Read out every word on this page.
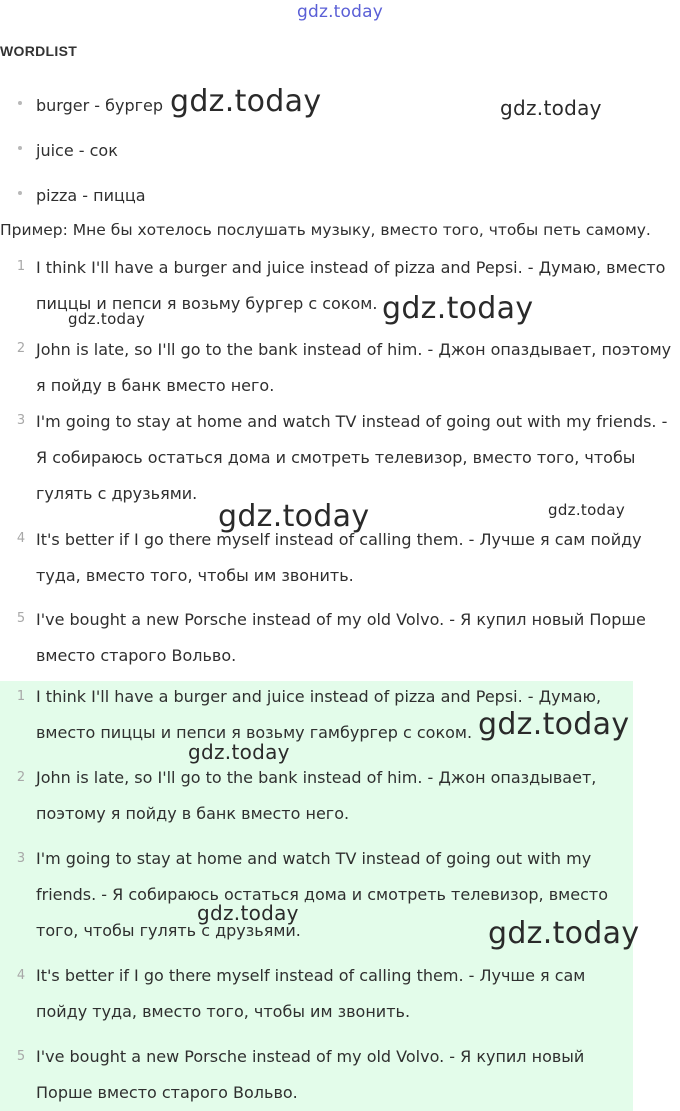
gdz.today
WORDLIST
burger - бургер
juice - сок
pizza - пицца
Пример: Мне бы хотелось послушать музыку, вместо того, чтобы петь самому.
1 I think I'll have a burger and juice instead of pizza and Pepsi. - Думаю, вместо
пиццы и пепси я возьму бургер с соком.
2 John is late, so I'll go to the bank instead of him. - Джон опаздывает, поэтому
я пойду в банк вместо него.
3 I'm going to stay at home and watch TV instead of going out with my friends. -
Я собираюсь остаться дома и смотреть телевизор, вместо того, чтобы
гулять с друзьями.
4 It's better if I go there myself instead of calling them. - Лучше я сам пойду
туда, вместо того, чтобы им звонить.
5 I've bought a new Porsche instead of my old Volvo. - Я купил новый Порше
вместо старого Вольво.
1 I think I'll have a burger and juice instead of pizza and Pepsi. - Думаю,
вместо пиццы и пепси я возьму гамбургер с соком.
2 John is late, so I'll go to the bank instead of him. - Джон опаздывает,
поэтому я пойду в банк вместо него.
3 I'm going to stay at home and watch TV instead of going out with my
friends. - Я собираюсь остаться дома и смотреть телевизор, вместо
того, чтобы гулять с друзьями.
4 It's better if I go there myself instead of calling them. - Лучше я сам
пойду туда, вместо того, чтобы им звонить.
5 I've bought a new Porsche instead of my old Volvo. - Я купил новый
Порше вместо старого Вольво.
gdz.today	gdz.today
gdz.today
gdz.today
gdz.today	gdz.today
gdz.today
gdz.today
gdz.today
gdz.today
